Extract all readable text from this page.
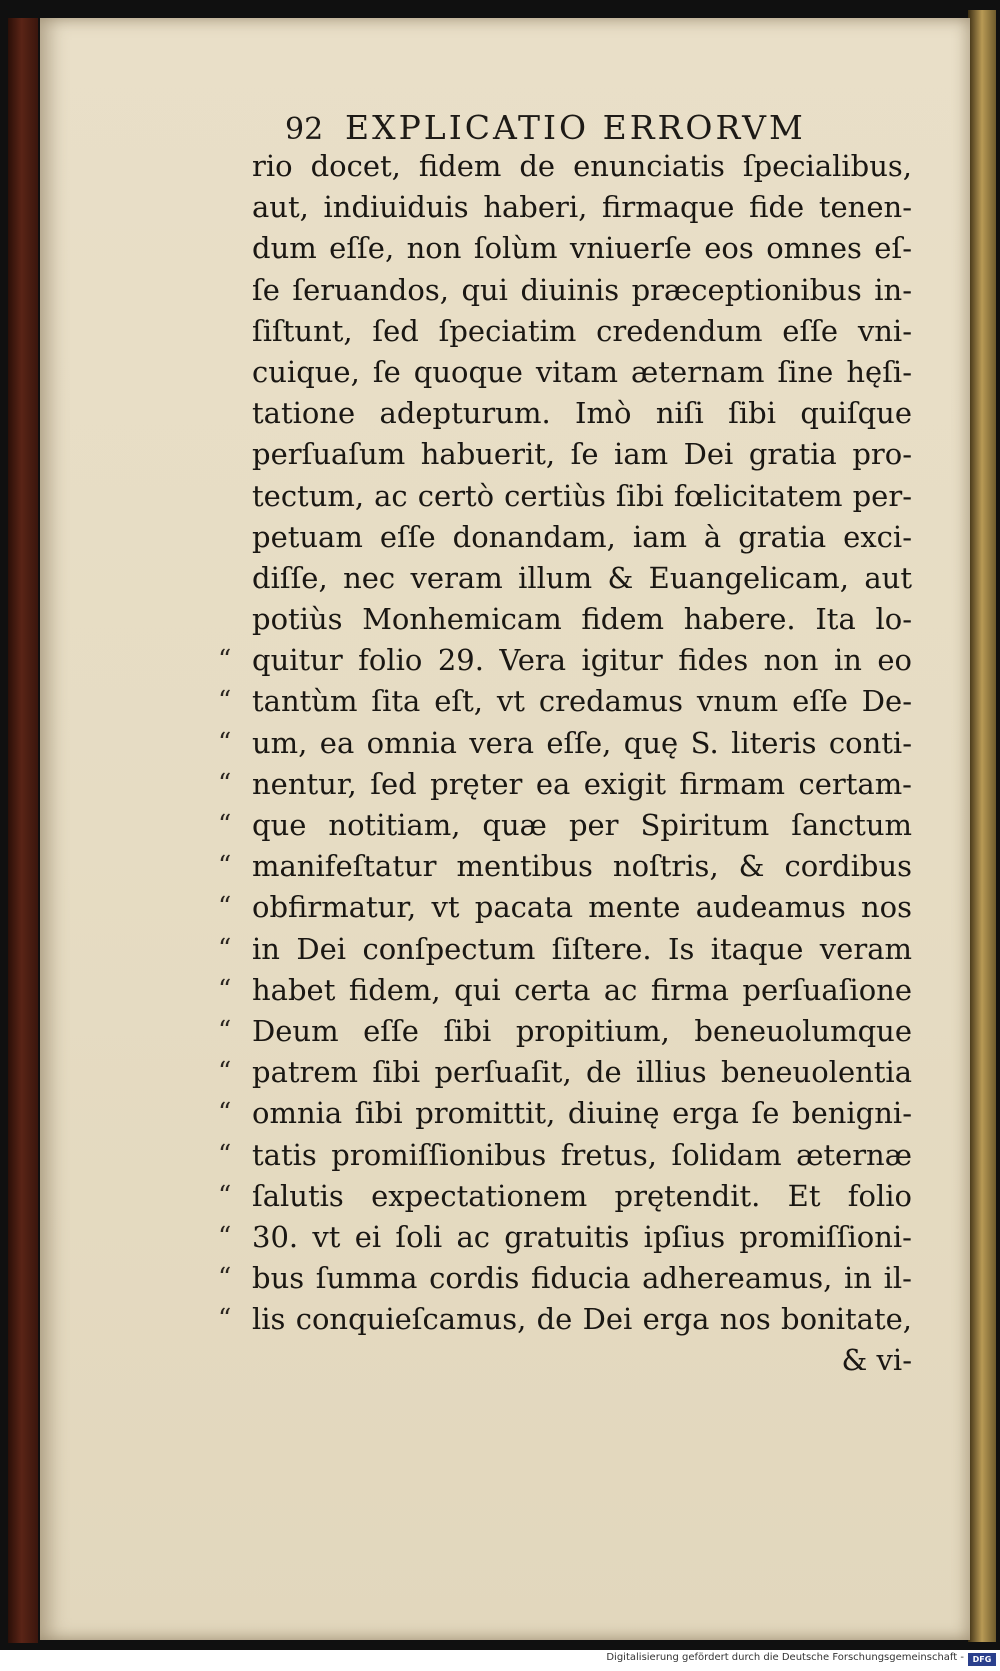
92 EXPLICATIO ERRORVM
rio docet, fidem de enunciatis ſpecialibus,
aut, indiuiduis haberi, firmaque fide tenen-
dum eſſe, non ſolùm vniuerſe eos omnes eſ-
ſe ſeruandos, qui diuinis præceptionibus in-
ſiſtunt, ſed ſpeciatim credendum eſſe vni-
cuique, ſe quoque vitam æternam ſine hęſi-
tatione adepturum. Imò niſi ſibi quiſque
perſuaſum habuerit, ſe iam Dei gratia pro-
tectum, ac certò certiùs ſibi fœlicitatem per-
petuam eſſe donandam, iam à gratia exci-
diſſe, nec veram illum & Euangelicam, aut
potiùs Monhemicam fidem habere. Ita lo-
“ quitur folio 29. Vera igitur fides non in eo
“ tantùm ſita eſt, vt credamus vnum eſſe De-
“ um, ea omnia vera eſſe, quę S. literis conti-
“ nentur, ſed pręter ea exigit firmam certam-
“ que notitiam, quæ per Spiritum ſanctum
“ manifeſtatur mentibus noſtris, & cordibus
“ obfirmatur, vt pacata mente audeamus nos
“ in Dei conſpectum ſiſtere. Is itaque veram
“ habet fidem, qui certa ac firma perſuaſione
“ Deum eſſe ſibi propitium, beneuolumque
“ patrem ſibi perſuaſit, de illius beneuolentia
“ omnia ſibi promittit, diuinę erga ſe benigni-
“ tatis promiſſionibus fretus, ſolidam æternæ
“ ſalutis expectationem prętendit. Et folio
“ 30. vt ei ſoli ac gratuitis ipſius promiſſioni-
“ bus ſumma cordis fiducia adhereamus, in il-
“ lis conquieſcamus, de Dei erga nos bonitate,
& vi-
Digitalisierung gefördert durch die Deutsche Forschungsgemeinschaft -	DFG
